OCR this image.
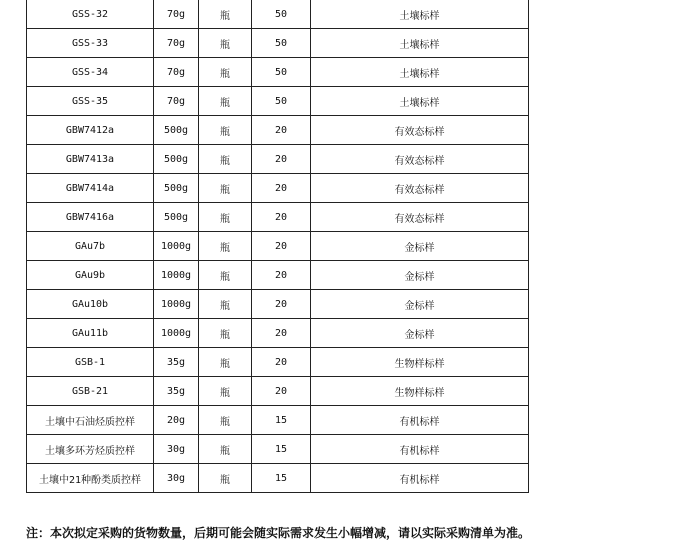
GSS-32	70g	瓶	50	土壤标样
GSS-33	70g	瓶	50	土壤标样
GSS-34	70g	瓶	50	土壤标样
GSS-35	70g	瓶	50	土壤标样
GBW7412a	500g	瓶	20	有效态标样
GBW7413a	500g	瓶	20	有效态标样
GBW7414a	500g	瓶	20	有效态标样
GBW7416a	500g	瓶	20	有效态标样
GAu7b	1000g	瓶	20	金标样
GAu9b	1000g	瓶	20	金标样
GAu10b	1000g	瓶	20	金标样
GAu11b	1000g	瓶	20	金标样
GSB-1	35g	瓶	20	生物样标样
GSB-21	35g	瓶	20	生物样标样
土壤中石油烃质控样	20g	瓶	15	有机标样
土壤多环芳烃质控样	30g	瓶	15	有机标样
土壤中21种酚类质控样	30g	瓶	15	有机标样
注：本次拟定采购的货物数量，后期可能会随实际需求发生小幅增减，请以实际采购清单为准。
